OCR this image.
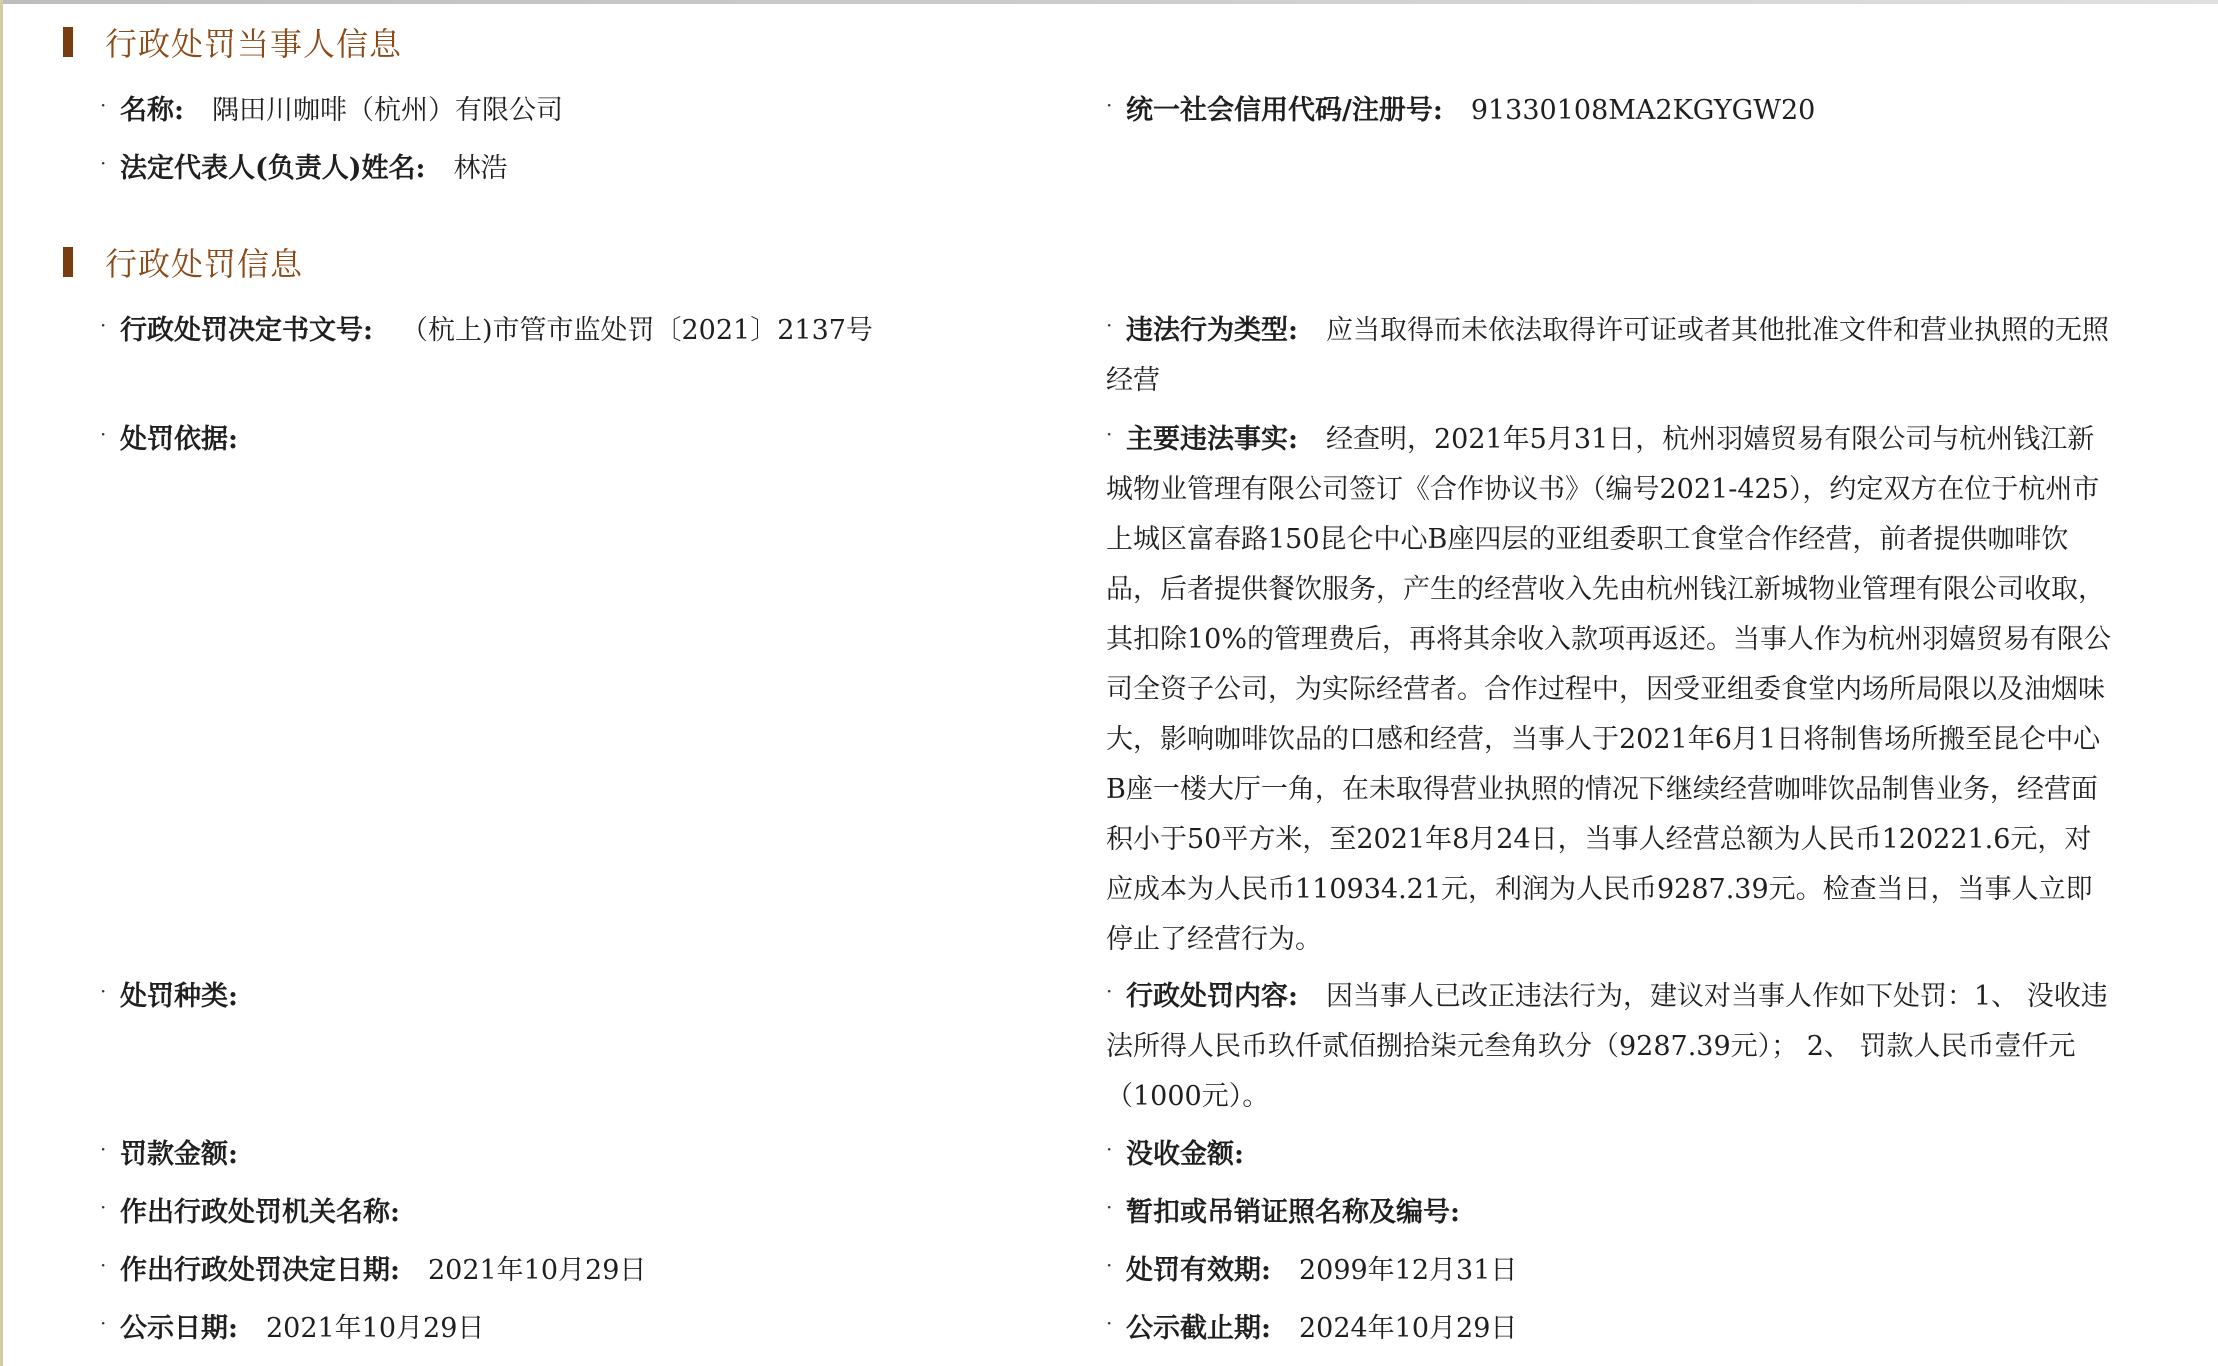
行政处罚当事人信息
· 名称: 隅田川咖啡（杭州）有限公司	· 统一社会信用代码/注册号: 91330108MA2KGYGW20
· 法定代表人(负责人)姓名: 林浩
行政处罚信息
· 行政处罚决定书文号: （杭上)市管市监处罚〔2021〕2137号	· 违法行为类型: 应当取得而未依法取得许可证或者其他批准文件和营业执照的无照经营
· 处罚依据:	· 主要违法事实: 经查明，2021年5月31日，杭州羽嬉贸易有限公司与杭州钱江新城物业管理有限公司签订《合作协议书》（编号2021-425），约定双方在位于杭州市上城区富春路150昆仑中心B座四层的亚组委职工食堂合作经营，前者提供咖啡饮品，后者提供餐饮服务，产生的经营收入先由杭州钱江新城物业管理有限公司收取，其扣除10%的管理费后，再将其余收入款项再返还。当事人作为杭州羽嬉贸易有限公司全资子公司，为实际经营者。合作过程中，因受亚组委食堂内场所局限以及油烟味大，影响咖啡饮品的口感和经营，当事人于2021年6月1日将制售场所搬至昆仑中心B座一楼大厅一角，在未取得营业执照的情况下继续经营咖啡饮品制售业务，经营面积小于50平方米，至2021年8月24日，当事人经营总额为人民币120221.6元，对应成本为人民币110934.21元，利润为人民币9287.39元。检查当日，当事人立即停止了经营行为。
· 处罚种类:	· 行政处罚内容: 因当事人已改正违法行为，建议对当事人作如下处罚：1、 没收违法所得人民币玖仟贰佰捌拾柒元叁角玖分（9287.39元）； 2、 罚款人民币壹仟元（1000元）。
· 罚款金额:	· 没收金额:
· 作出行政处罚机关名称:	· 暂扣或吊销证照名称及编号:
· 作出行政处罚决定日期: 2021年10月29日	· 处罚有效期: 2099年12月31日
· 公示日期: 2021年10月29日	· 公示截止期: 2024年10月29日
